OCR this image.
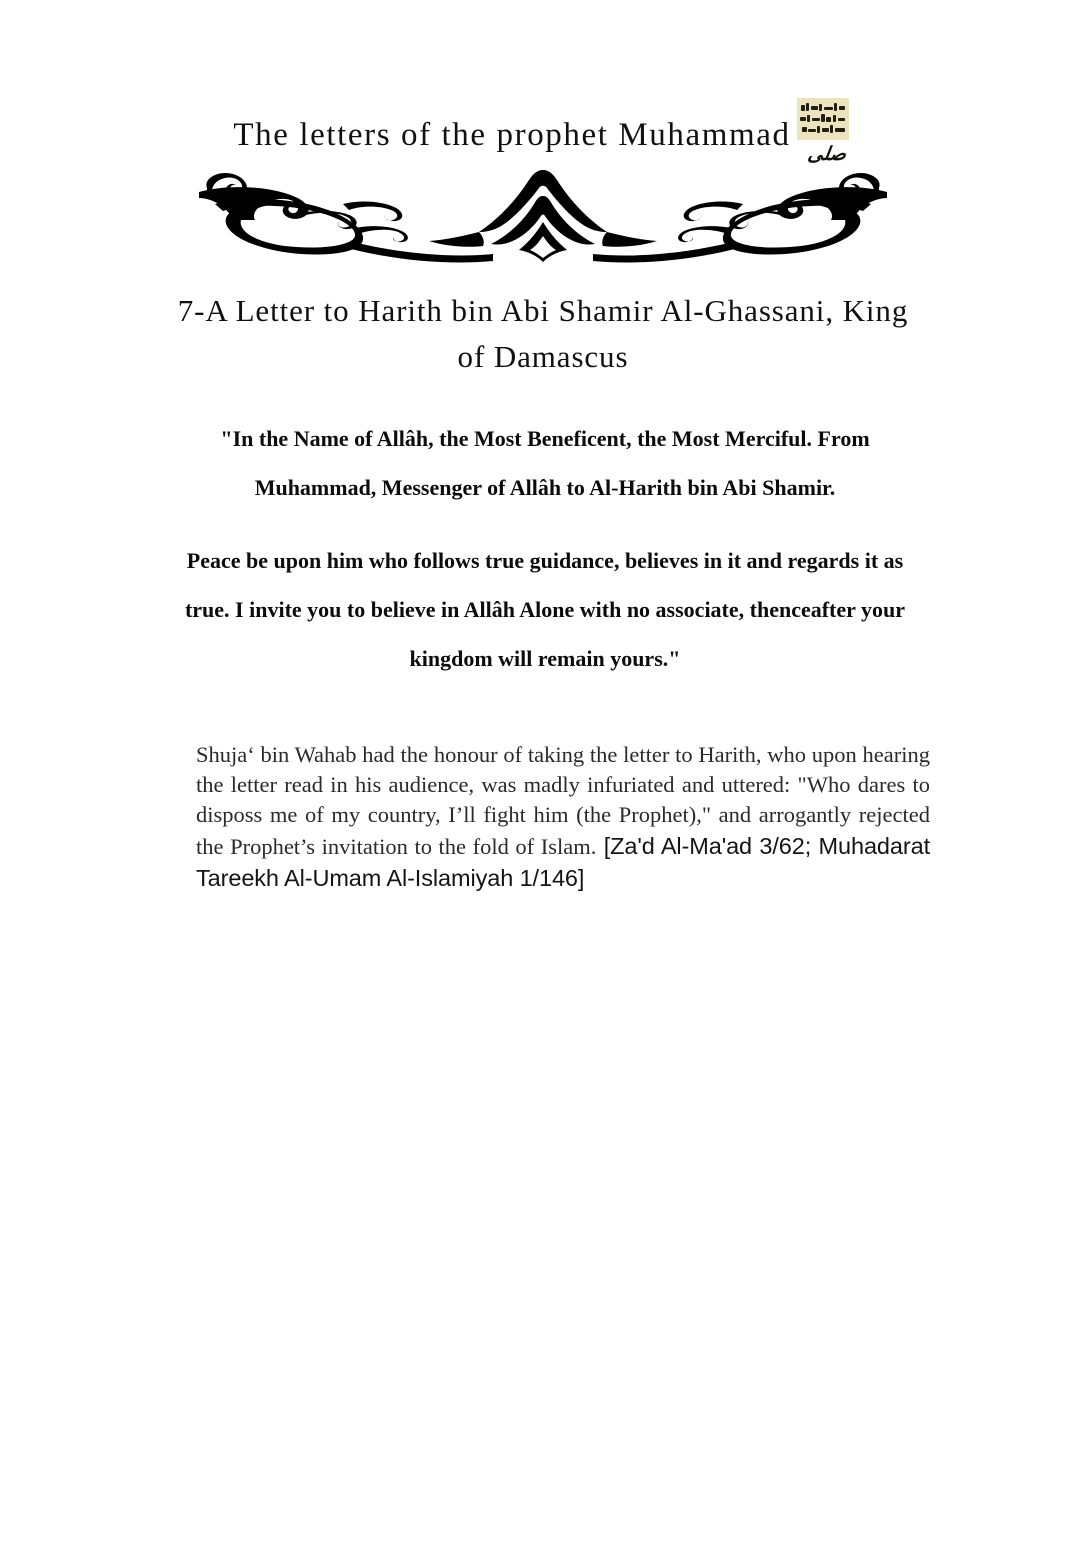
The letters of the prophet Muhammad
صلى
7-A Letter to Harith bin Abi Shamir Al-Ghassani, King of Damascus

"In the Name of Allâh, the Most Beneficent, the Most Merciful. From Muhammad, Messenger of Allâh to Al-Harith bin Abi Shamir.

Peace be upon him who follows true guidance, believes in it and regards it as true. I invite you to believe in Allâh Alone with no associate, thenceafter your kingdom will remain yours."

Shuja‘ bin Wahab had the honour of taking the letter to Harith, who upon hearing the letter read in his audience, was madly infuriated and uttered: "Who dares to disposs me of my country, I’ll fight him (the Prophet)," and arrogantly rejected the Prophet’s invitation to the fold of Islam. [Za'd Al-Ma'ad 3/62; Muhadarat Tareekh Al-Umam Al-Islamiyah 1/146]
